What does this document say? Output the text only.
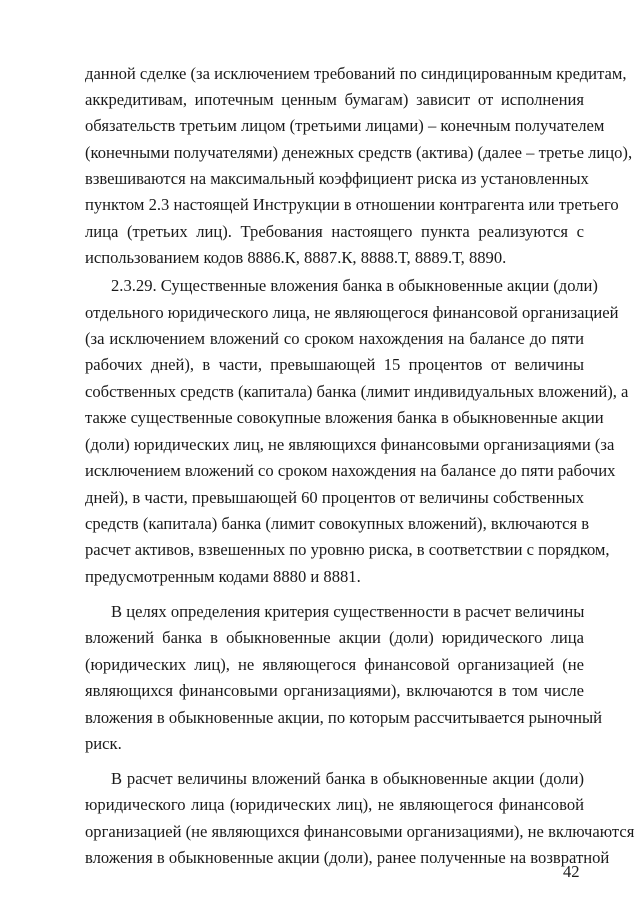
данной сделке (за исключением требований по синдицированным кредитам,
аккредитивам, ипотечным ценным бумагам) зависит от исполнения
обязательств третьим лицом (третьими лицами) – конечным получателем
(конечными получателями) денежных средств (актива) (далее – третье лицо),
взвешиваются на максимальный коэффициент риска из установленных
пунктом 2.3 настоящей Инструкции в отношении контрагента или третьего
лица (третьих лиц). Требования настоящего пункта реализуются с
использованием кодов 8886.К, 8887.К, 8888.Т, 8889.Т, 8890.
2.3.29. Существенные вложения банка в обыкновенные акции (доли)
отдельного юридического лица, не являющегося финансовой организацией
(за исключением вложений со сроком нахождения на балансе до пяти
рабочих дней), в части, превышающей 15 процентов от величины
собственных средств (капитала) банка (лимит индивидуальных вложений), а
также существенные совокупные вложения банка в обыкновенные акции
(доли) юридических лиц, не являющихся финансовыми организациями (за
исключением вложений со сроком нахождения на балансе до пяти рабочих
дней), в части, превышающей 60 процентов от величины собственных
средств (капитала) банка (лимит совокупных вложений), включаются в
расчет активов, взвешенных по уровню риска, в соответствии с порядком,
предусмотренным кодами 8880 и 8881.
В целях определения критерия существенности в расчет величины
вложений банка в обыкновенные акции (доли) юридического лица
(юридических лиц), не являющегося финансовой организацией (не
являющихся финансовыми организациями), включаются в том числе
вложения в обыкновенные акции, по которым рассчитывается рыночный
риск.
В расчет величины вложений банка в обыкновенные акции (доли)
юридического лица (юридических лиц), не являющегося финансовой
организацией (не являющихся финансовыми организациями), не включаются
вложения в обыкновенные акции (доли), ранее полученные на возвратной
42
